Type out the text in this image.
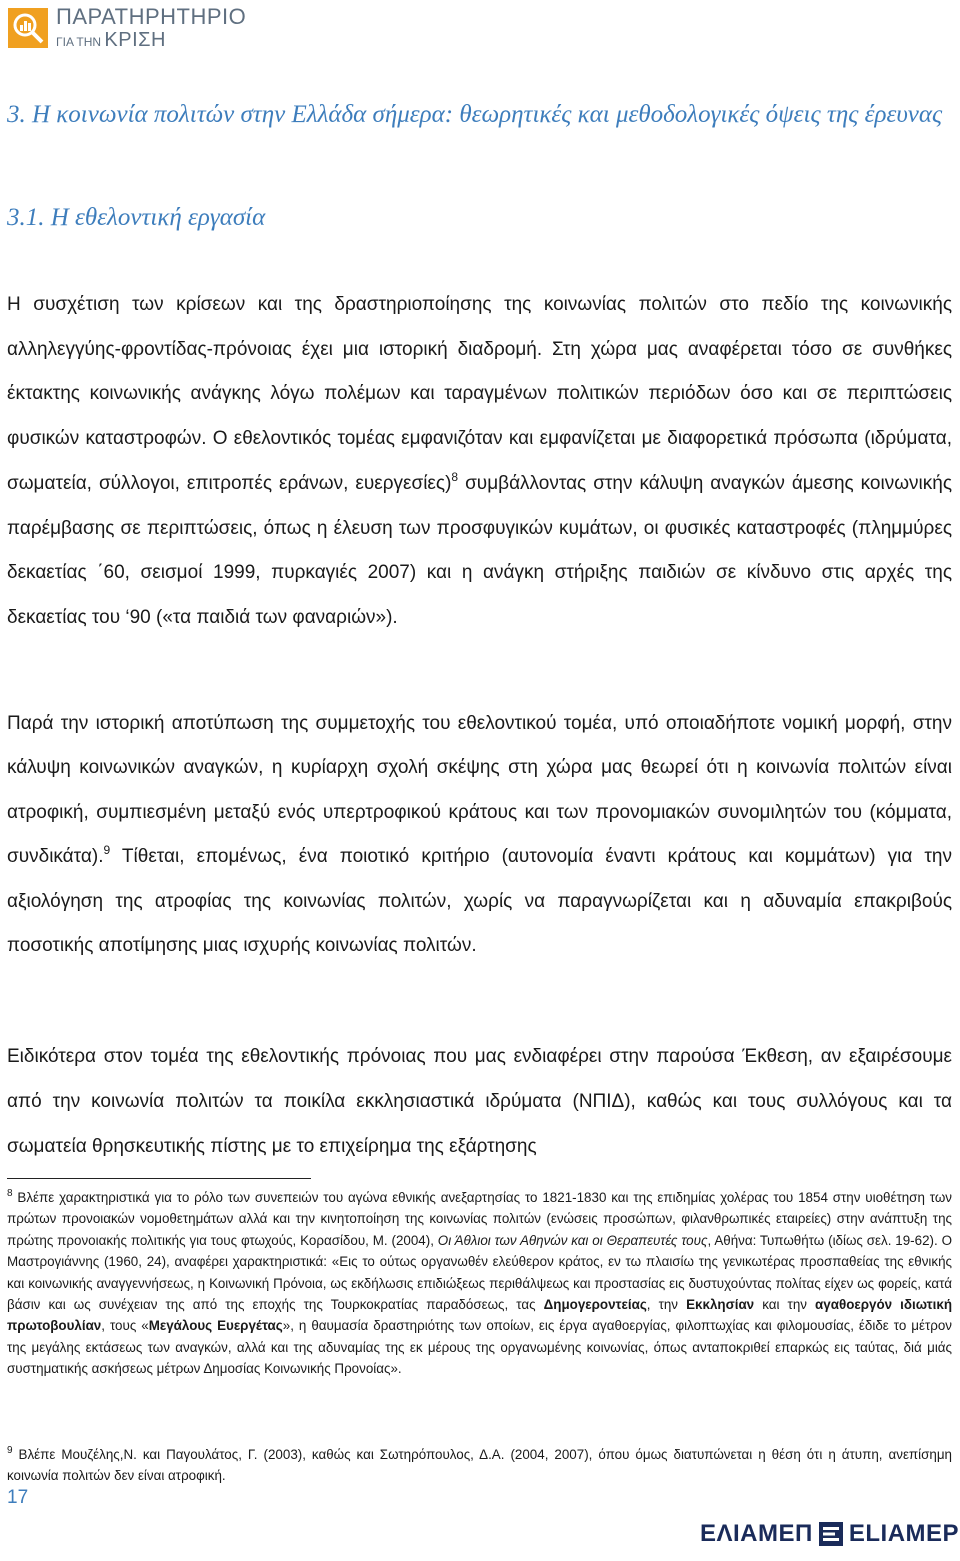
ΠΑΡΑΤΗΡΗΤΗΡΙΟ
ΓΙΑ ΤΗΝ ΚΡΙΣΗ
3. Η κοινωνία πολιτών στην Ελλάδα σήμερα: θεωρητικές και μεθοδολογικές όψεις της έρευνας
3.1. Η εθελοντική εργασία

Η συσχέτιση των κρίσεων και της δραστηριοποίησης της κοινωνίας πολιτών στο πεδίο της κοινωνικής αλληλεγγύης-φροντίδας-πρόνοιας έχει μια ιστορική διαδρομή. Στη χώρα μας αναφέρεται τόσο σε συνθήκες έκτακτης κοινωνικής ανάγκης λόγω πολέμων και ταραγμένων πολιτικών περιόδων όσο και σε περιπτώσεις φυσικών καταστροφών. Ο εθελοντικός τομέας εμφανιζόταν και εμφανίζεται με διαφορετικά πρόσωπα (ιδρύματα, σωματεία, σύλλογοι, επιτροπές εράνων, ευεργεσίες)$^8$ συμβάλλοντας στην κάλυψη αναγκών άμεσης κοινωνικής παρέμβασης σε περιπτώσεις, όπως η έλευση των προσφυγικών κυμάτων, οι φυσικές καταστροφές (πλημμύρες δεκαετίας ΄60, σεισμοί 1999, πυρκαγιές 2007) και η ανάγκη στήριξης παιδιών σε κίνδυνο στις αρχές της δεκαετίας του ‘90 («τα παιδιά των φαναριών»).

Παρά την ιστορική αποτύπωση της συμμετοχής του εθελοντικού τομέα, υπό οποιαδήποτε νομική μορφή, στην κάλυψη κοινωνικών αναγκών, η κυρίαρχη σχολή σκέψης στη χώρα μας θεωρεί ότι η κοινωνία πολιτών είναι ατροφική, συμπιεσμένη μεταξύ ενός υπερτροφικού κράτους και των προνομιακών συνομιλητών του (κόμματα, συνδικάτα).$^9$ Τίθεται, επομένως, ένα ποιοτικό κριτήριο (αυτονομία έναντι κράτους και κομμάτων) για την αξιολόγηση της ατροφίας της κοινωνίας πολιτών, χωρίς να παραγνωρίζεται και η αδυναμία επακριβούς ποσοτικής αποτίμησης μιας ισχυρής κοινωνίας πολιτών.

Ειδικότερα στον τομέα της εθελοντικής πρόνοιας που μας ενδιαφέρει στην παρούσα Έκθεση, αν εξαιρέσουμε από την κοινωνία πολιτών τα ποικίλα εκκλησιαστικά ιδρύματα (ΝΠΙΔ), καθώς και τους συλλόγους και τα σωματεία θρησκευτικής πίστης με το επιχείρημα της εξάρτησης

$^8$ Βλέπε χαρακτηριστικά για το ρόλο των συνεπειών του αγώνα εθνικής ανεξαρτησίας το 1821-1830 και της επιδημίας χολέρας του 1854 στην υιοθέτηση των πρώτων προνοιακών νομοθετημάτων αλλά και την κινητοποίηση της κοινωνίας πολιτών (ενώσεις προσώπων, φιλανθρωπικές εταιρείες) στην ανάπτυξη της πρώτης προνοιακής πολιτικής για τους φτωχούς, Κορασίδου, Μ. (2004), Οι Άθλιοι των Αθηνών και οι Θεραπευτές τους, Αθήνα: Τυπωθήτω (ιδίως σελ. 19-62). Ο Μαστρογιάννης (1960, 24), αναφέρει χαρακτηριστικά: «Εις το ούτως οργανωθέν ελεύθερον κράτος, εν τω πλαισίω της γενικωτέρας προσπαθείας της εθνικής και κοινωνικής αναγγεννήσεως, η Κοινωνική Πρόνοια, ως εκδήλωσις επιδιώξεως περιθάλψεως και προστασίας εις δυστυχούντας πολίτας είχεν ως φορείς, κατά βάσιν και ως συνέχειαν της από της εποχής της Τουρκοκρατίας παραδόσεως, τας Δημογεροντείας, την Εκκλησίαν και την αγαθοεργόν ιδιωτική πρωτοβουλίαν, τους «Μεγάλους Ευεργέτας», η θαυμασία δραστηριότης των οποίων, εις έργα αγαθοεργίας, φιλοπτωχίας και φιλομουσίας, έδιδε το μέτρον της μεγάλης εκτάσεως των αναγκών, αλλά και της αδυναμίας της εκ μέρους της οργανωμένης κοινωνίας, όπως ανταποκριθεί επαρκώς εις ταύτας, διά μιάς συστηματικής ασκήσεως μέτρων Δημοσίας Κοινωνικής Προνοίας».

$^9$ Βλέπε Μουζέλης,Ν. και Παγουλάτος, Γ. (2003), καθώς και Σωτηρόπουλος, Δ.Α. (2004, 2007), όπου όμως διατυπώνεται η θέση ότι η άτυπη, ανεπίσημη κοινωνία πολιτών δεν είναι ατροφική.

17
ΕΛΙΑΜΕΠ ELIAMEP
